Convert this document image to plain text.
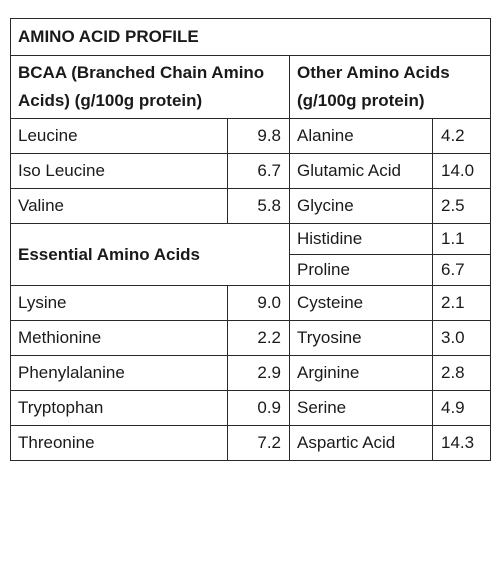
AMINO ACID PROFILE			
BCAA (Branched Chain Amino Acids) (g/100g protein)		Other Amino Acids (g/100g protein)	
Leucine	9.8	Alanine	4.2
Iso Leucine	6.7	Glutamic Acid	14.0
Valine	5.8	Glycine	2.5
Essential Amino Acids		Histidine	1.1
		Proline	6.7
Lysine	9.0	Cysteine	2.1
Methionine	2.2	Tryosine	3.0
Phenylalanine	2.9	Arginine	2.8
Tryptophan	0.9	Serine	4.9
Threonine	7.2	Aspartic Acid	14.3
